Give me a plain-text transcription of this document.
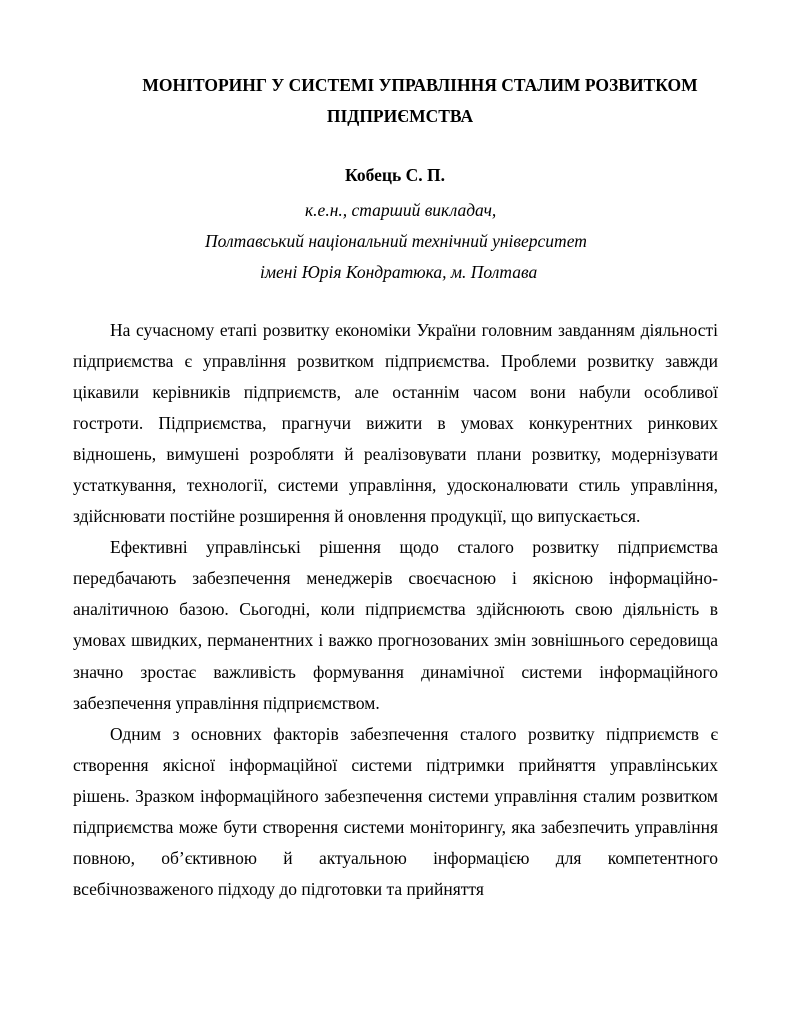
МОНІТОРИНГ У СИСТЕМІ УПРАВЛІННЯ СТАЛИМ РОЗВИТКОМ
ПІДПРИЄМСТВА
Кобець С. П.
к.е.н., старший викладач,
Полтавський національний технічний університет
імені Юрія Кондратюка, м. Полтава

На сучасному етапі розвитку економіки України головним завданням діяльності підприємства є управління розвитком підприємства. Проблеми розвитку завжди цікавили керівників підприємств, але останнім часом вони набули особливої гостроти. Підприємства, прагнучи вижити в умовах конкурентних ринкових відношень, вимушені розробляти й реалізовувати плани розвитку, модернізувати устаткування, технології, системи управління, удосконалювати стиль управління, здійснювати постійне розширення й оновлення продукції, що випускається.

Ефективні управлінські рішення щодо сталого розвитку підприємства передбачають забезпечення менеджерів своєчасною і якісною інформаційно-аналітичною базою. Сьогодні, коли підприємства здійснюють свою діяльність в умовах швидких, перманентних і важко прогнозованих змін зовнішнього середовища значно зростає важливість формування динамічної системи інформаційного забезпечення управління підприємством.

Одним з основних факторів забезпечення сталого розвитку підприємств є створення якісної інформаційної системи підтримки прийняття управлінських рішень. Зразком інформаційного забезпечення системи управління сталим розвитком підприємства може бути створення системи моніторингу, яка забезпечить управління повною, об’єктивною й актуальною інформацією для компетентного всебічнозваженого підходу до підготовки та прийняття
